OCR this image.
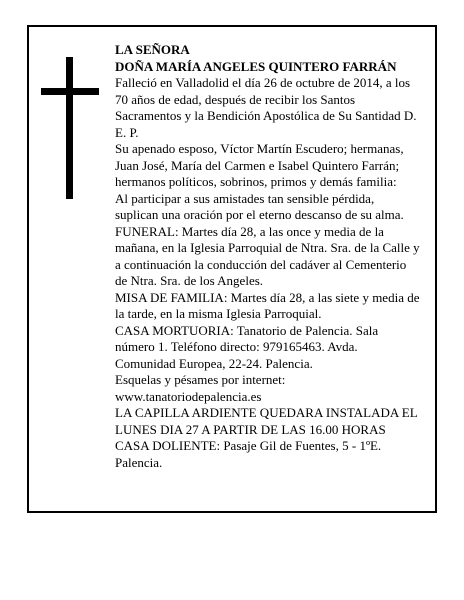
LA SEÑORA

DOÑA MARÍA ANGELES QUINTERO FARRÁN

Falleció en Valladolid el día 26 de octubre de 2014, a los 70 años de edad, después de recibir los Santos Sacramentos y la Bendición Apostólica de Su Santidad D. E. P.

Su apenado esposo, Víctor Martín Escudero; hermanas, Juan José, María del Carmen e Isabel Quintero Farrán; hermanos políticos, sobrinos, primos y demás familia:

Al participar a sus amistades tan sensible pérdida, suplican una oración por el eterno descanso de su alma.

FUNERAL: Martes día 28, a las once y media de la mañana, en la Iglesia Parroquial de Ntra. Sra. de la Calle y a continuación la conducción del cadáver al Cementerio de Ntra. Sra. de los Angeles.

MISA DE FAMILIA: Martes día 28, a las siete y media de la tarde, en la misma Iglesia Parroquial.

CASA MORTUORIA: Tanatorio de Palencia. Sala número 1. Teléfono directo: 979165463. Avda. Comunidad Europea, 22-24. Palencia.

Esquelas y pésames por internet: www.tanatoriodepalencia.es

LA CAPILLA ARDIENTE QUEDARA INSTALADA EL LUNES DIA 27 A PARTIR DE LAS 16.00 HORAS

CASA DOLIENTE: Pasaje Gil de Fuentes, 5 - 1ºE. Palencia.
